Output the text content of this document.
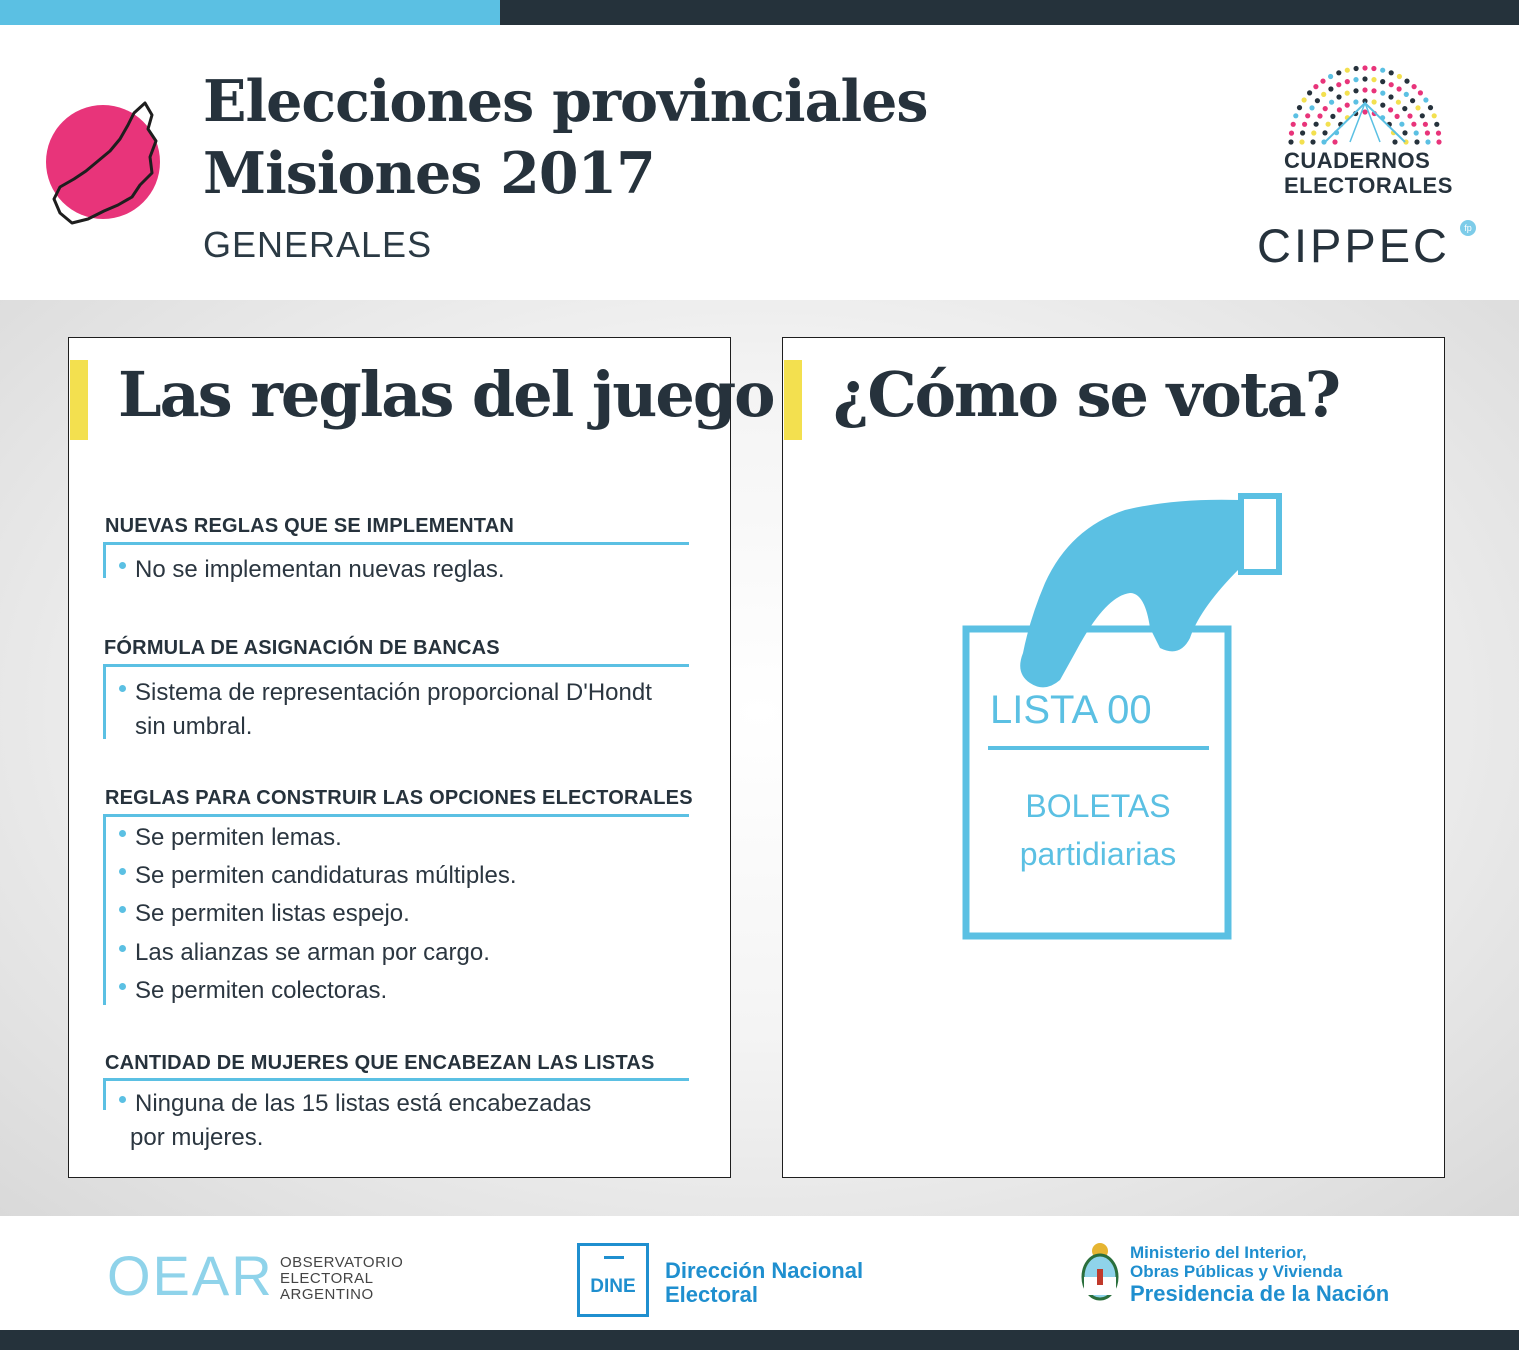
Elecciones provinciales
Misiones 2017
GENERALES
CUADERNOS
ELECTORALES
CIPPEC	fp
Las reglas del juego
NUEVAS REGLAS QUE SE IMPLEMENTAN
No se implementan nuevas reglas.
FÓRMULA DE ASIGNACIÓN DE BANCAS
Sistema de representación proporcional D'Hondt
sin umbral.
REGLAS PARA CONSTRUIR LAS OPCIONES ELECTORALES
Se permiten lemas.
Se permiten candidaturas múltiples.
Se permiten listas espejo.
Las alianzas se arman por cargo.
Se permiten colectoras.
CANTIDAD DE MUJERES QUE ENCABEZAN LAS LISTAS
Ninguna de las 15 listas está encabezadas
por mujeres.
¿Cómo se vota?
LISTA 00
BOLETAS
partidiarias
OEAR OBSERVATORIO
ELECTORAL
ARGENTINO	DINE
Dirección Nacional
Electoral
Ministerio del Interior,
Obras Públicas y Vivienda
Presidencia de la Nación
